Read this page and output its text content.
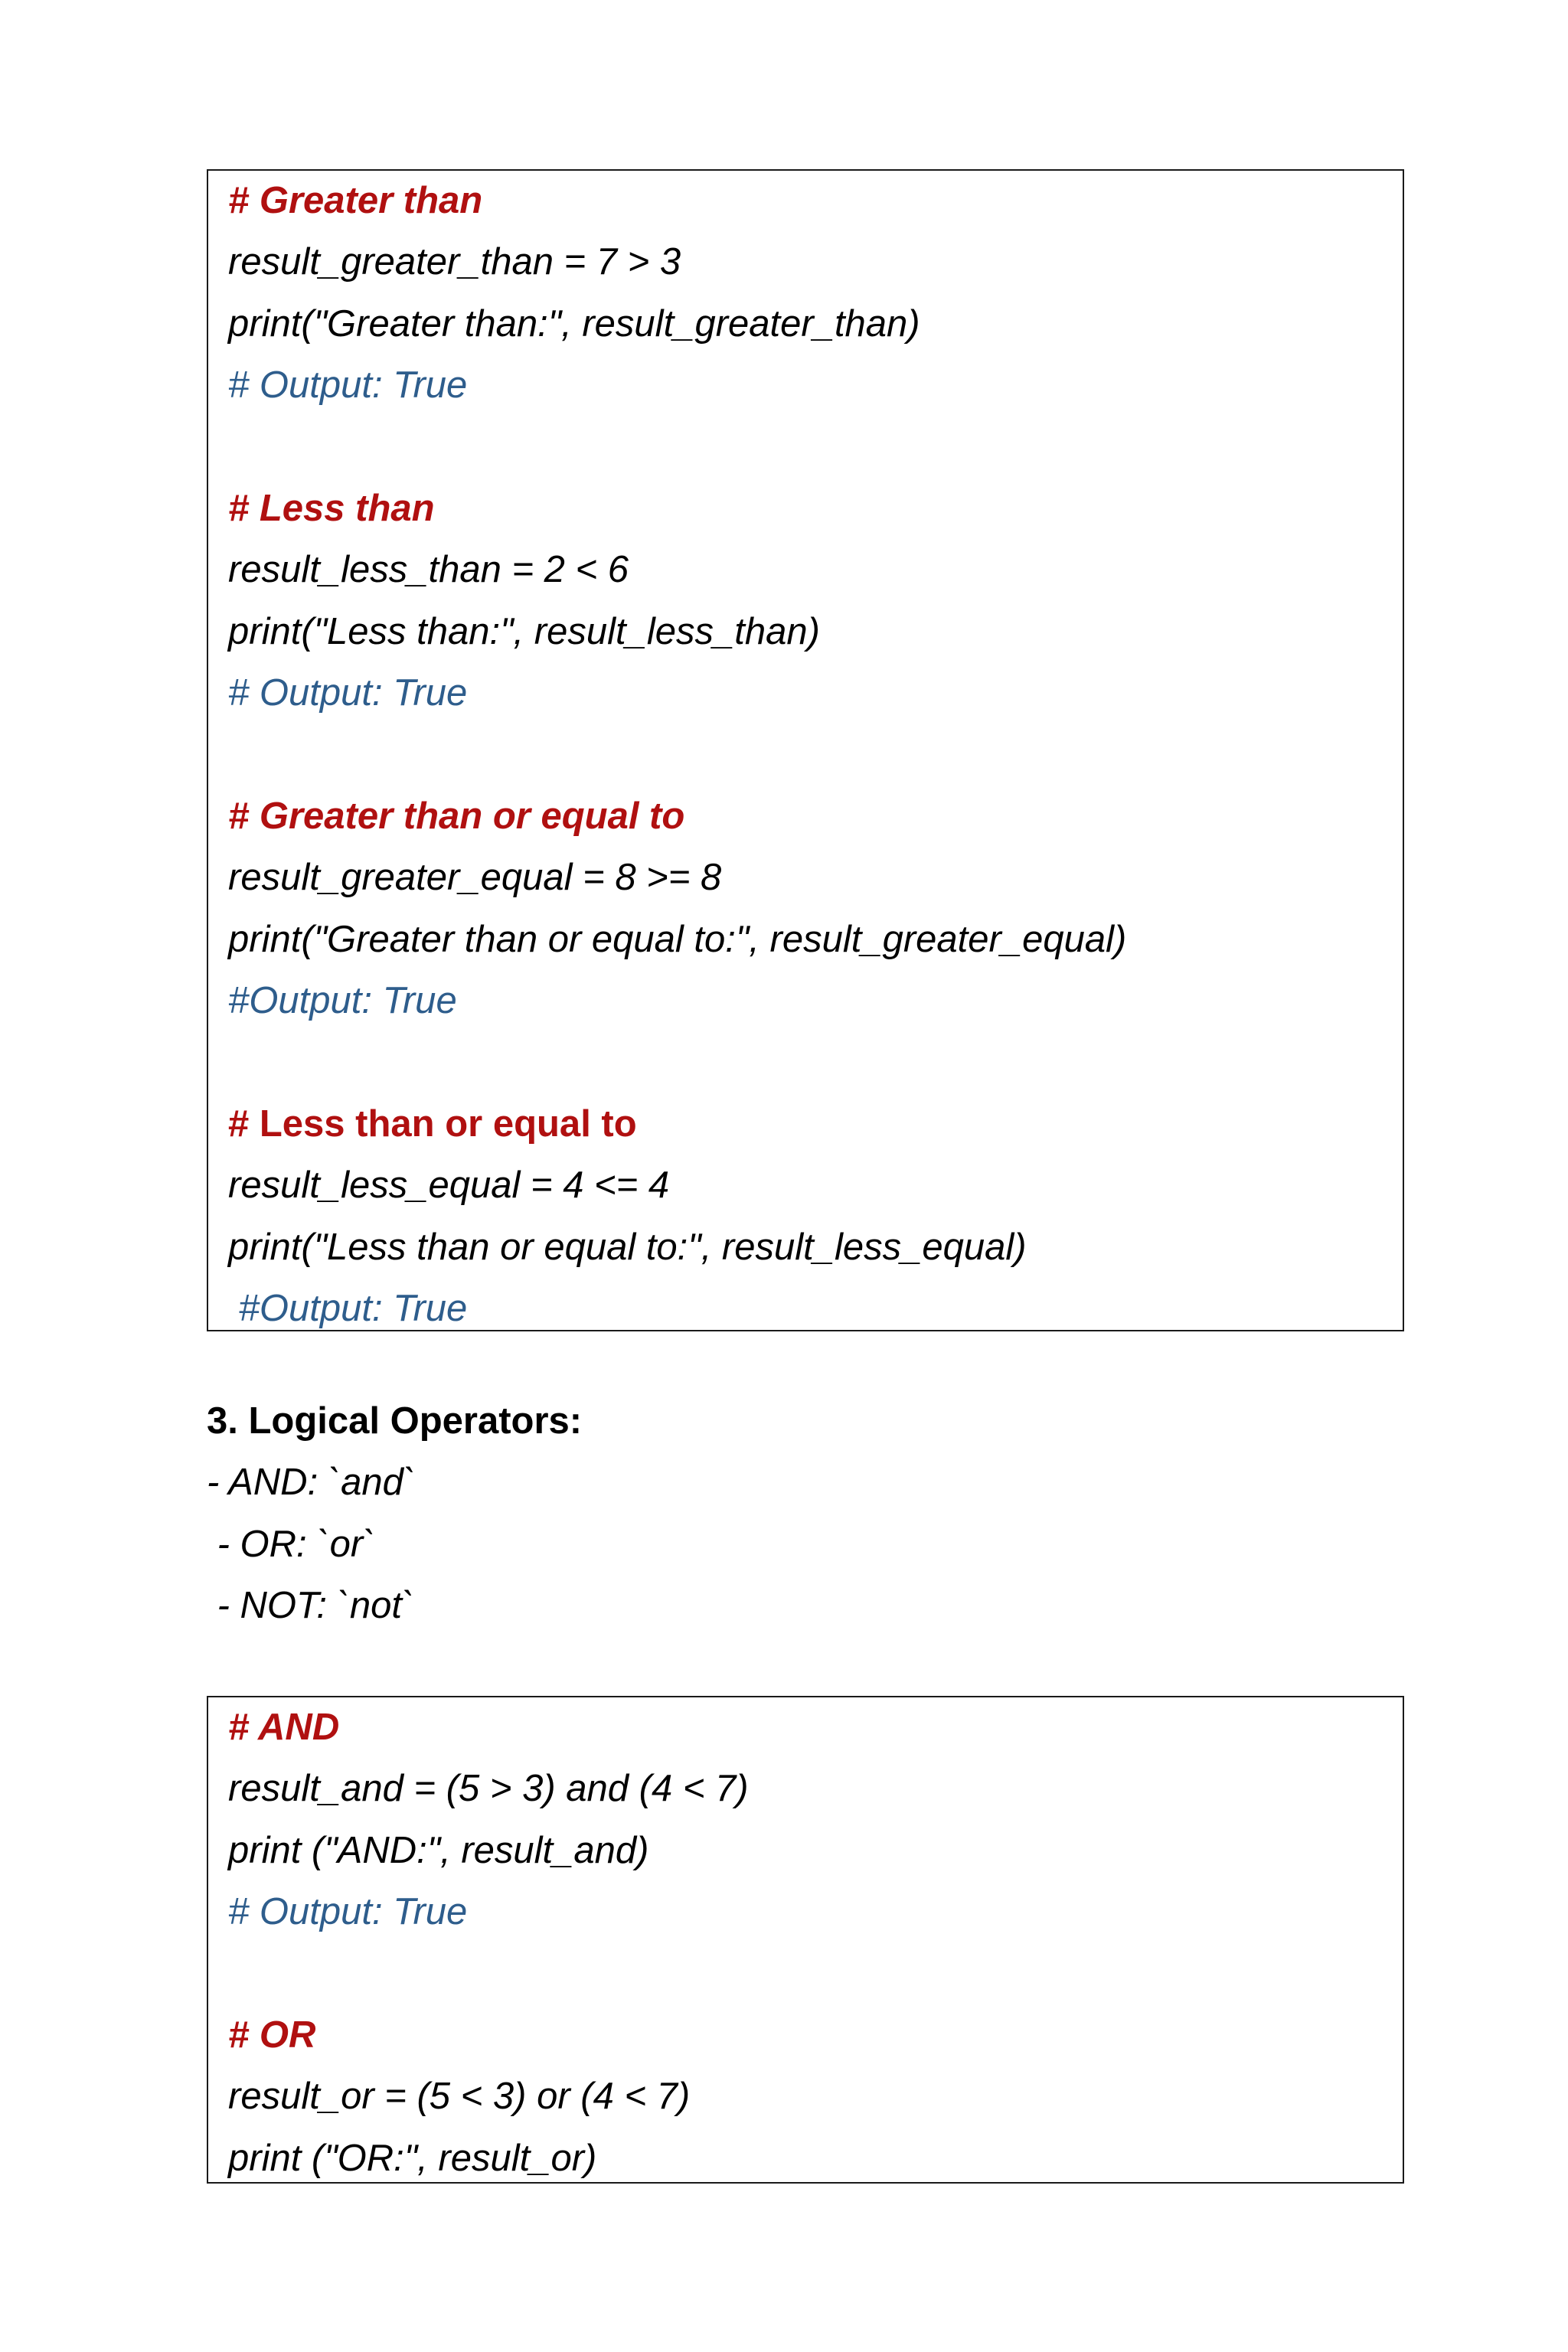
# Greater than
result_greater_than = 7 > 3
print("Greater than:", result_greater_than)
# Output: True
# Less than
result_less_than = 2 < 6
print("Less than:", result_less_than)
# Output: True
# Greater than or equal to
result_greater_equal = 8 >= 8
print("Greater than or equal to:", result_greater_equal)
#Output: True
# Less than or equal to
result_less_equal = 4 <= 4
print("Less than or equal to:", result_less_equal)
#Output: True
3. Logical Operators:
- AND: `and`
- OR: `or`
- NOT: `not`
# AND
result_and = (5 > 3) and (4 < 7)
print ("AND:", result_and)
# Output: True
# OR
result_or = (5 < 3) or (4 < 7)
print ("OR:", result_or)
